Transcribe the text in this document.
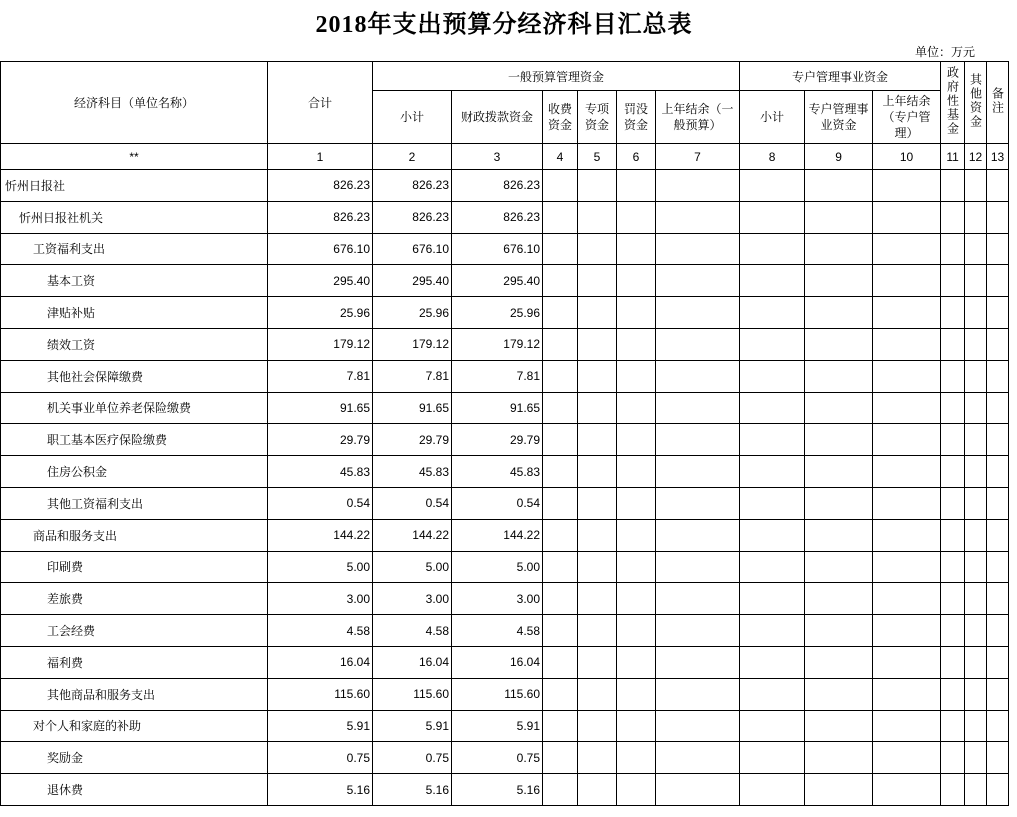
2018年支出预算分经济科目汇总表
单位：万元
经济科目（单位名称）	合计	一般预算管理资金						专户管理事业资金			政府性基金	其他资金	备注
		小计	财政拨款资金	收费资金	专项资金	罚没资金	上年结余（一般预算）	小计	专户管理事业资金	上年结余（专户管理）			
**	1	2	3	4	5	6	7	8	9	10	11	12	13
忻州日报社	826.23	826.23	826.23										
忻州日报社机关	826.23	826.23	826.23										
工资福利支出	676.10	676.10	676.10										
基本工资	295.40	295.40	295.40										
津贴补贴	25.96	25.96	25.96										
绩效工资	179.12	179.12	179.12										
其他社会保障缴费	7.81	7.81	7.81										
机关事业单位养老保险缴费	91.65	91.65	91.65										
职工基本医疗保险缴费	29.79	29.79	29.79										
住房公积金	45.83	45.83	45.83										
其他工资福利支出	0.54	0.54	0.54										
商品和服务支出	144.22	144.22	144.22										
印刷费	5.00	5.00	5.00										
差旅费	3.00	3.00	3.00										
工会经费	4.58	4.58	4.58										
福利费	16.04	16.04	16.04										
其他商品和服务支出	115.60	115.60	115.60										
对个人和家庭的补助	5.91	5.91	5.91										
奖励金	0.75	0.75	0.75										
退休费	5.16	5.16	5.16										
